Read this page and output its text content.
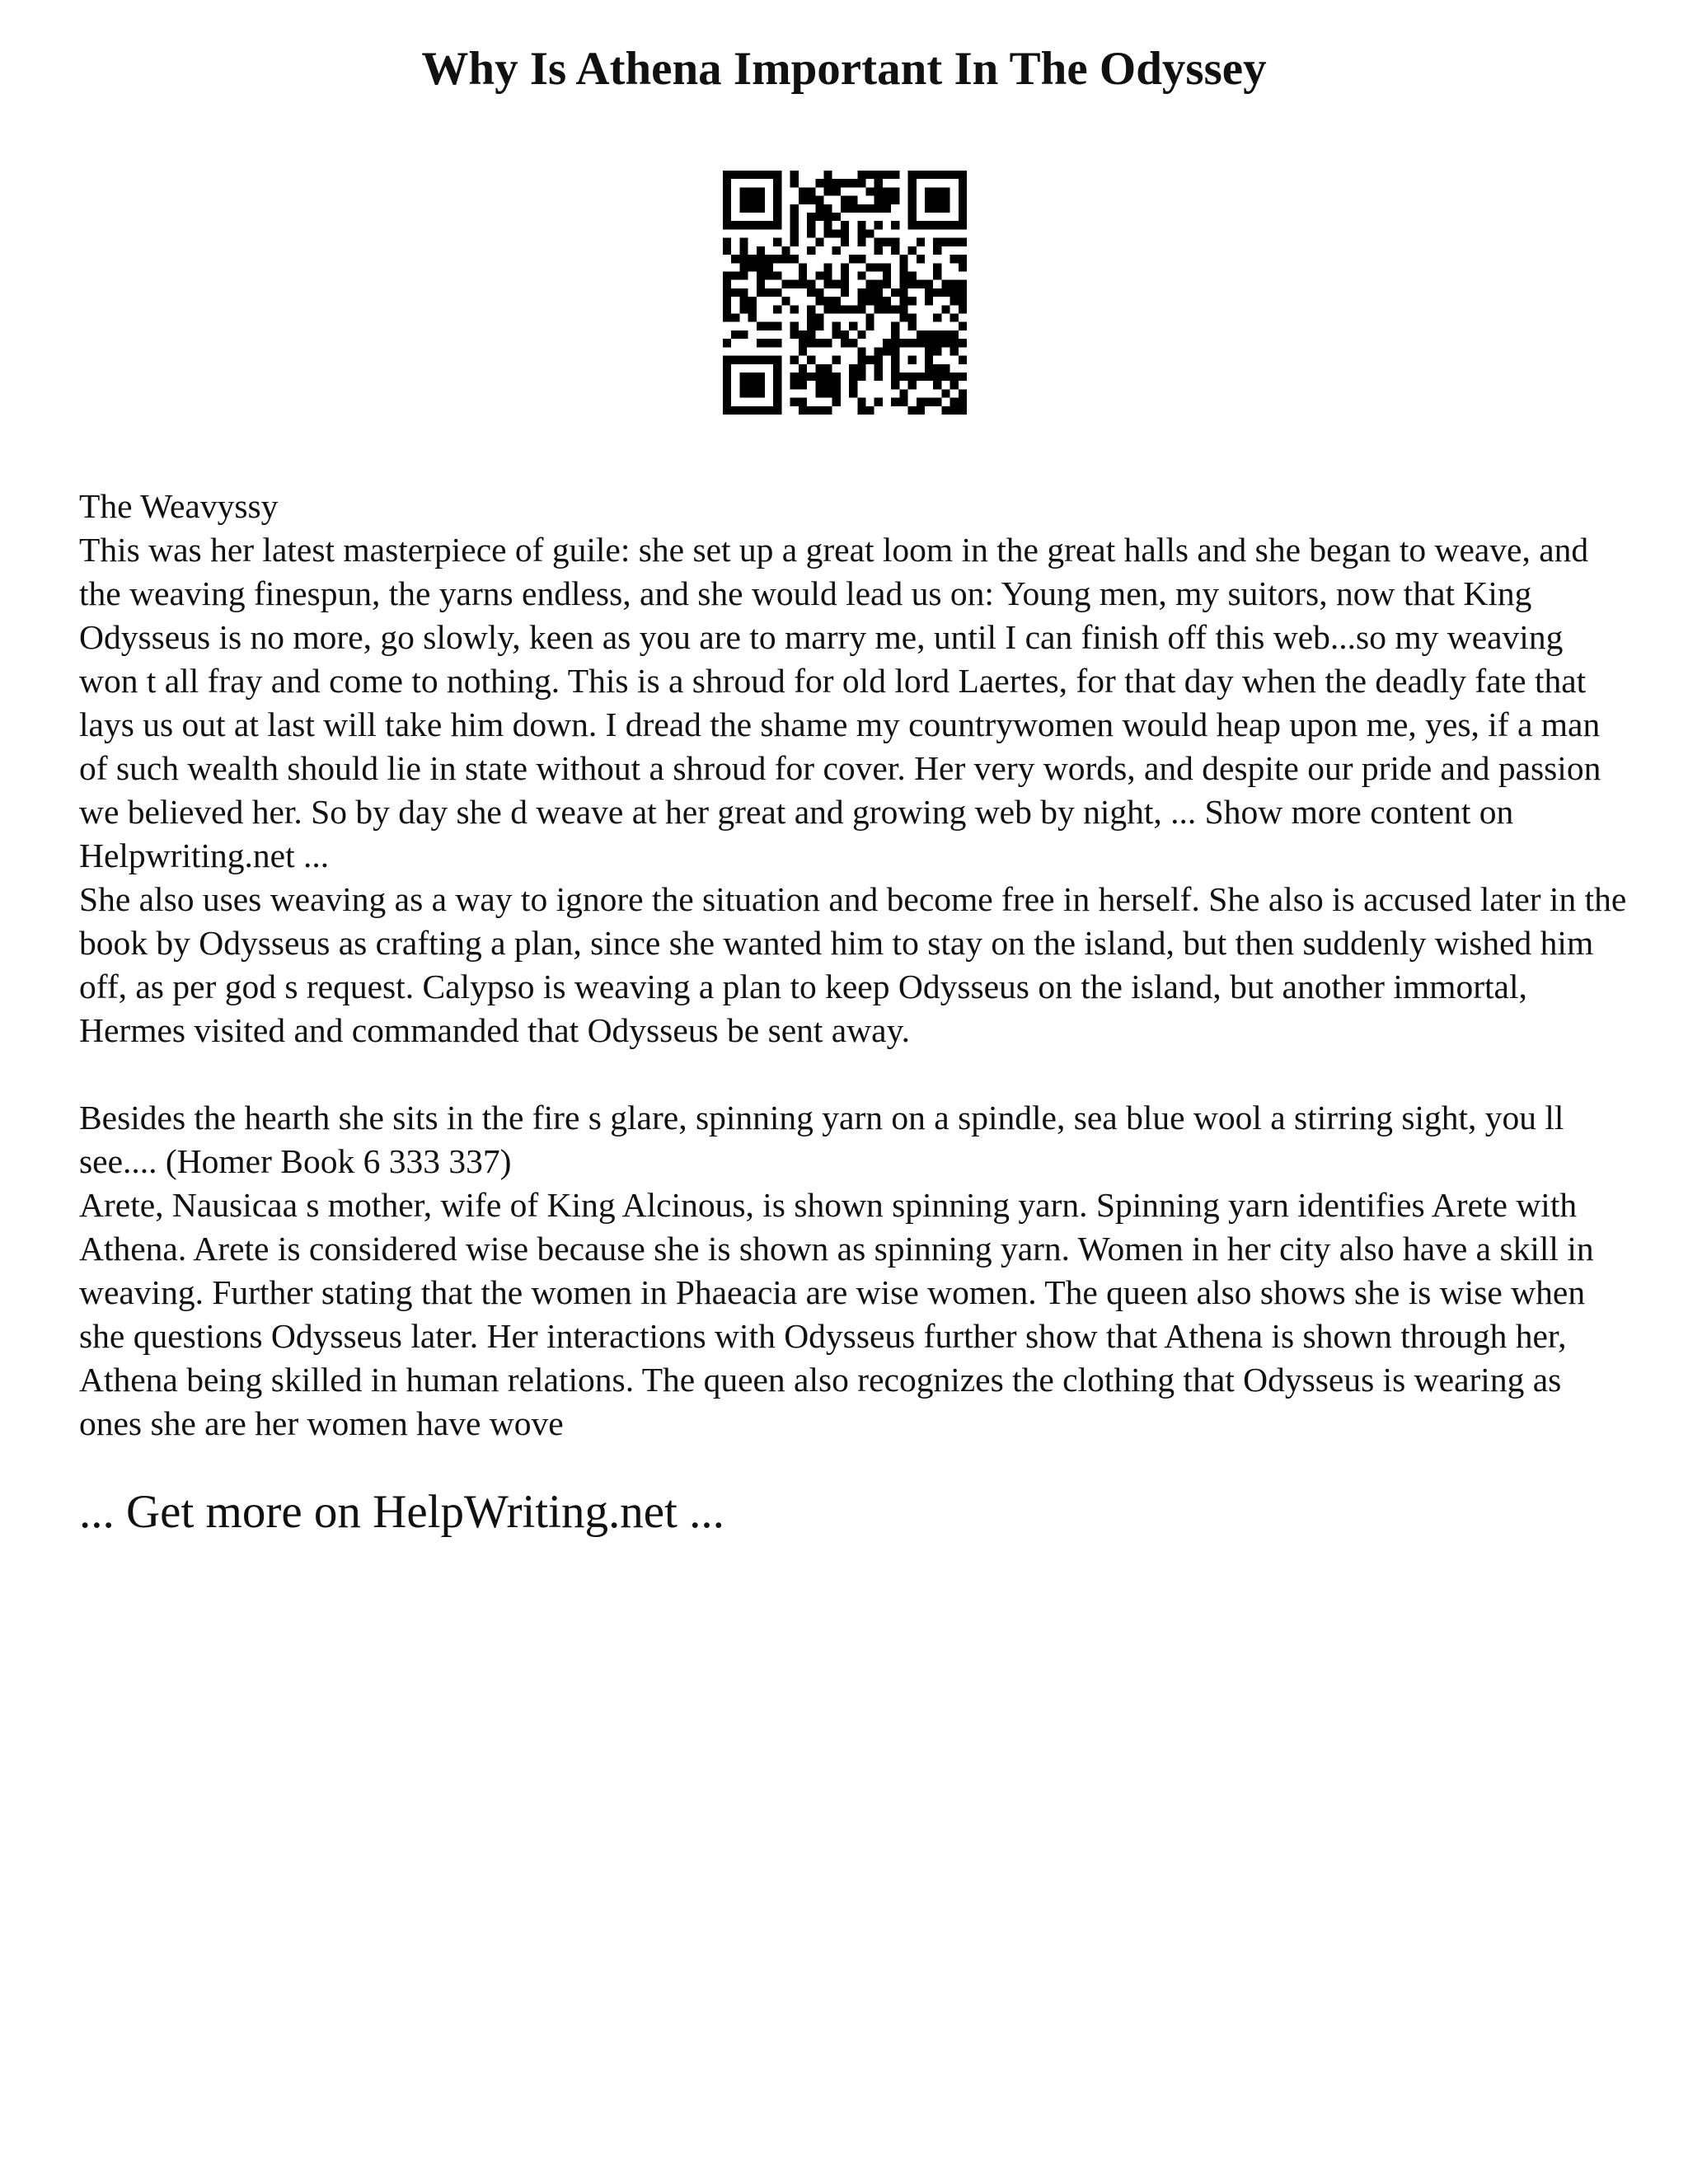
Why Is Athena Important In The Odyssey

The Weavyssy

This was her latest masterpiece of guile: she set up a great loom in the great halls and she began to weave, and the weaving finespun, the yarns endless, and she would lead us on: Young men, my suitors, now that King Odysseus is no more, go slowly, keen as you are to marry me, until I can finish off this web...so my weaving won t all fray and come to nothing. This is a shroud for old lord Laertes, for that day when the deadly fate that lays us out at last will take him down. I dread the shame my countrywomen would heap upon me, yes, if a man of such wealth should lie in state without a shroud for cover. Her very words, and despite our pride and passion we believed her. So by day she d weave at her great and growing web by night, ... Show more content on Helpwriting.net ...

She also uses weaving as a way to ignore the situation and become free in herself. She also is accused later in the book by Odysseus as crafting a plan, since she wanted him to stay on the island, but then suddenly wished him off, as per god s request. Calypso is weaving a plan to keep Odysseus on the island, but another immortal, Hermes visited and commanded that Odysseus be sent away.

Besides the hearth she sits in the fire s glare, spinning yarn on a spindle, sea blue wool a stirring sight, you ll see.... (Homer Book 6 333 337)

Arete, Nausicaa s mother, wife of King Alcinous, is shown spinning yarn. Spinning yarn identifies Arete with Athena. Arete is considered wise because she is shown as spinning yarn. Women in her city also have a skill in weaving. Further stating that the women in Phaeacia are wise women. The queen also shows she is wise when she questions Odysseus later. Her interactions with Odysseus further show that Athena is shown through her, Athena being skilled in human relations. The queen also recognizes the clothing that Odysseus is wearing as ones she are her women have wove

... Get more on HelpWriting.net ...
